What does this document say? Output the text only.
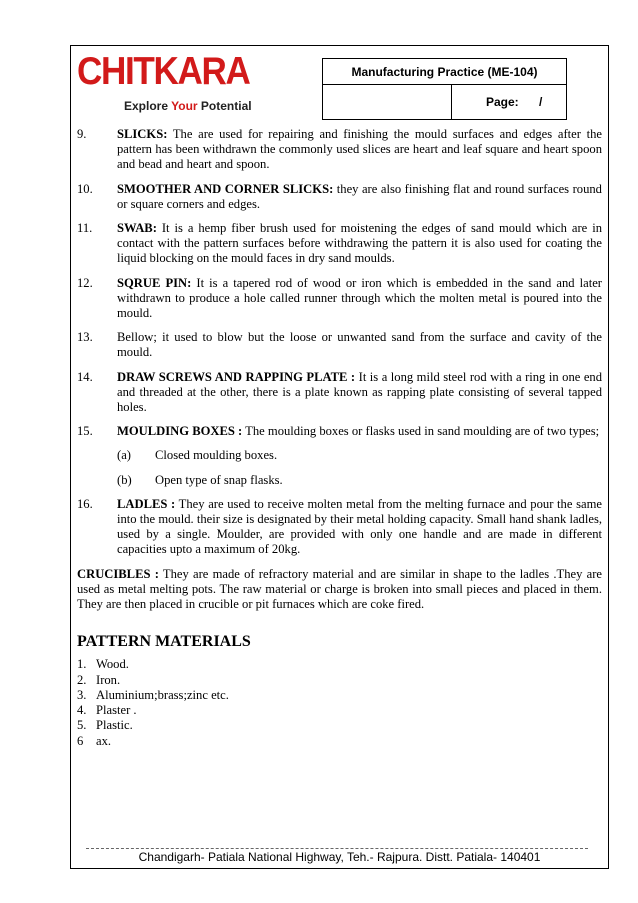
CHITKARA
Explore Your Potential
Manufacturing Practice (ME-104)
Page: /
9.	SLICKS: The are used for repairing and finishing the mould surfaces and edges after the pattern has been withdrawn the commonly used slices are heart and leaf square and heart spoon and bead and heart and spoon.
10.	SMOOTHER AND CORNER SLICKS: they are also finishing flat and round surfaces round or square corners and edges.
11.	SWAB: It is a hemp fiber brush used for moistening the edges of sand mould which are in contact with the pattern surfaces before withdrawing the pattern it is also used for coating the liquid blocking on the mould faces in dry sand moulds.
12.	SQRUE PIN: It is a tapered rod of wood or iron which is embedded in the sand and later withdrawn to produce a hole called runner through which the molten metal is poured into the mould.
13.	Bellow; it used to blow but the loose or unwanted sand from the surface and cavity of the mould.
14.	DRAW SCREWS AND RAPPING PLATE : It is a long mild steel rod with a ring in one end and threaded at the other, there is a plate known as rapping plate consisting of several tapped holes.
15.	MOULDING BOXES : The moulding boxes or flasks used in sand moulding are of two types;
(a)	Closed moulding boxes.
(b)	Open type of snap flasks.
16.	LADLES : They are used to receive molten metal from the melting furnace and pour the same into the mould. their size is designated by their metal holding capacity. Small hand shank ladles, used by a single. Moulder, are provided with only one handle and are made in different capacities upto a maximum of 20kg.
CRUCIBLES : They are made of refractory material and are similar in shape to the ladles .They are used as metal melting pots. The raw material or charge is broken into small pieces and placed in them. They are then placed in crucible or pit furnaces which are coke fired.
PATTERN MATERIALS
1. Wood.
2. Iron.
3. Aluminium;brass;zinc etc.
4. Plaster .
5. Plastic.
6	ax.
Chandigarh- Patiala National Highway, Teh.- Rajpura. Distt. Patiala- 140401
